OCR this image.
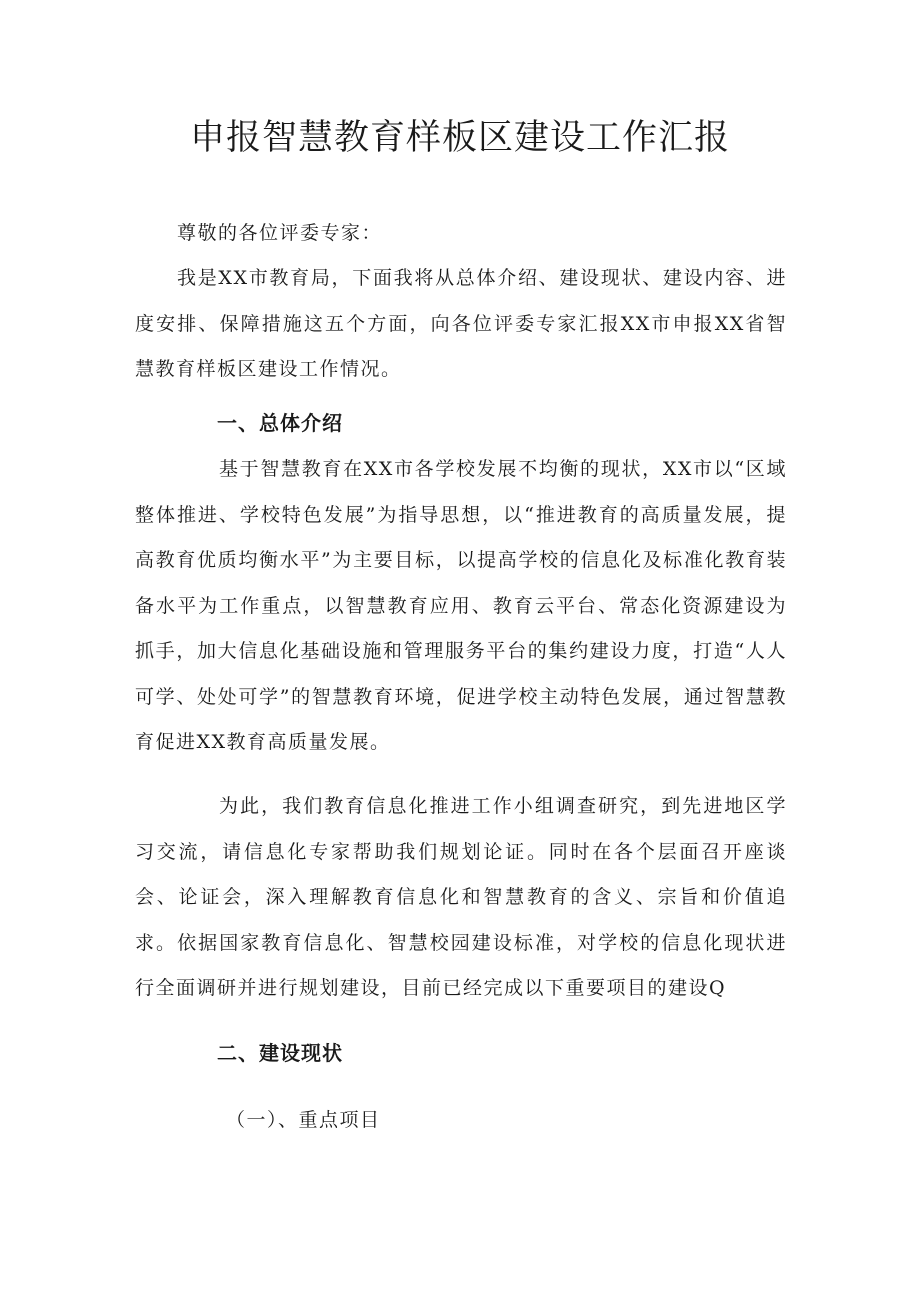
申报智慧教育样板区建设工作汇报

尊敬的各位评委专家：

我是XX市教育局，下面我将从总体介绍、建设现状、建设内容、进度安排、保障措施这五个方面，向各位评委专家汇报XX市申报XX省智慧教育样板区建设工作情况。

一、总体介绍

基于智慧教育在XX市各学校发展不均衡的现状，XX市以“区域整体推进、学校特色发展”为指导思想，以“推进教育的高质量发展，提高教育优质均衡水平”为主要目标，以提高学校的信息化及标准化教育装备水平为工作重点，以智慧教育应用、教育云平台、常态化资源建设为抓手，加大信息化基础设施和管理服务平台的集约建设力度，打造“人人可学、处处可学”的智慧教育环境，促进学校主动特色发展，通过智慧教育促进XX教育高质量发展。

为此，我们教育信息化推进工作小组调查研究，到先进地区学习交流，请信息化专家帮助我们规划论证。同时在各个层面召开座谈会、论证会，深入理解教育信息化和智慧教育的含义、宗旨和价值追求。依据国家教育信息化、智慧校园建设标准，对学校的信息化现状进行全面调研并进行规划建设，目前已经完成以下重要项目的建设Q

二、建设现状
（一）、重点项目
